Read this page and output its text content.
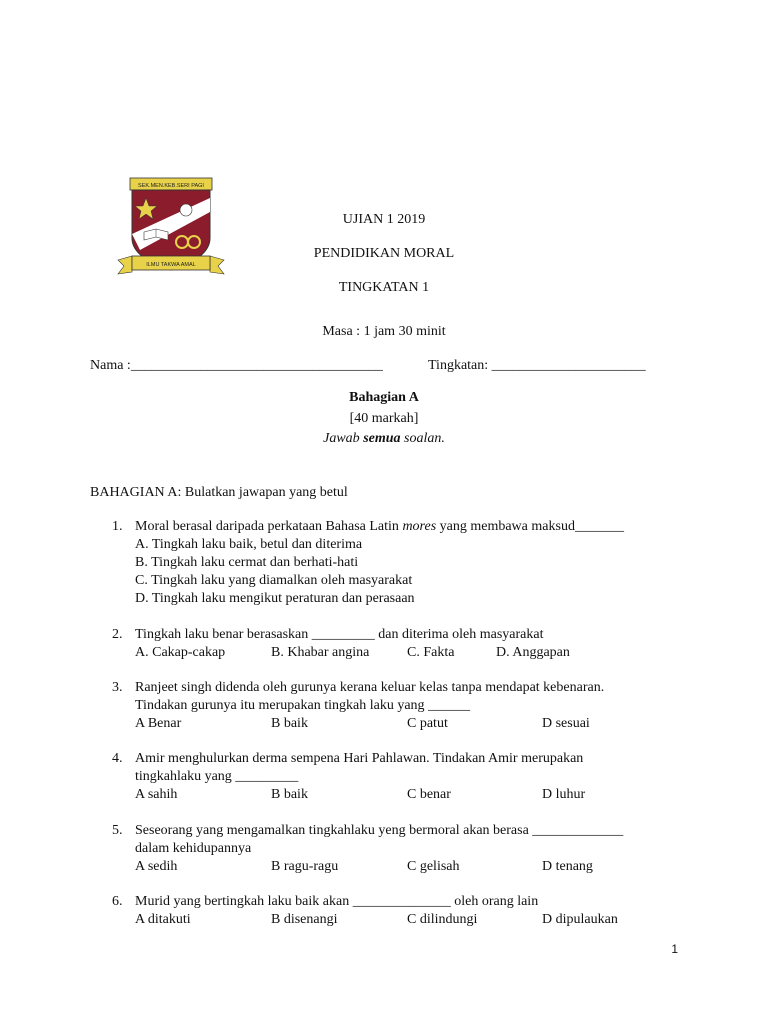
SEK.MEN.KEB.SERI PAGI
ILMU TAKWA AMAL
UJIAN 1 2019
PENDIDIKAN MORAL
TINGKATAN 1
Masa : 1 jam 30 minit
Nama :____________________________________	Tingkatan: ______________________
Bahagian A
[40 markah]
Jawab semua soalan.
BAHAGIAN A: Bulatkan jawapan yang betul
1. Moral berasal daripada perkataan Bahasa Latin mores yang membawa maksud_______
A. Tingkah laku baik, betul dan diterima
B. Tingkah laku cermat dan berhati-hati
C. Tingkah laku yang diamalkan oleh masyarakat
D. Tingkah laku mengikut peraturan dan perasaan
2. Tingkah laku benar berasaskan _________ dan diterima oleh masyarakat
A. Cakap-cakap	B. Khabar angina	C. Fakta	D. Anggapan
3. Ranjeet singh didenda oleh gurunya kerana keluar kelas tanpa mendapat kebenaran.
Tindakan gurunya itu merupakan tingkah laku yang ______
A Benar	B baik	C patut	D sesuai
4. Amir menghulurkan derma sempena Hari Pahlawan. Tindakan Amir merupakan
tingkahlaku yang _________
A sahih	B baik	C benar	D luhur
5. Seseorang yang mengamalkan tingkahlaku yeng bermoral akan berasa _____________
dalam kehidupannya
A sedih	B ragu-ragu	C gelisah	D tenang
6. Murid yang bertingkah laku baik akan ______________ oleh orang lain
A ditakuti	B disenangi	C dilindungi	D dipulaukan
1
